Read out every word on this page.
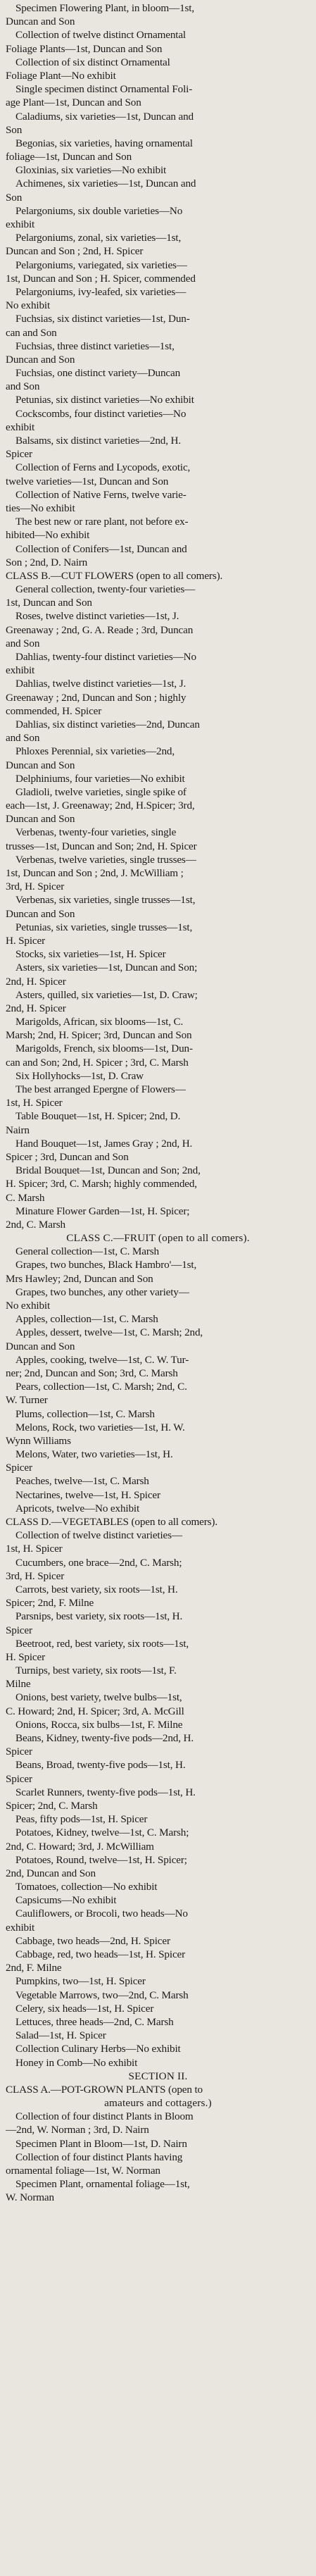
Specimen Flowering Plant, in bloom—1st,
Duncan and Son
Collection of twelve distinct Ornamental
Foliage Plants—1st, Duncan and Son
Collection of six distinct Ornamental
Foliage Plant—No exhibit
Single specimen distinct Ornamental Foli-
age Plant—1st, Duncan and Son
Caladiums, six varieties—1st, Duncan and
Son
Begonias, six varieties, having ornamental
foliage—1st, Duncan and Son
Gloxinias, six varieties—No exhibit
Achimenes, six varieties—1st, Duncan and
Son
Pelargoniums, six double varieties—No
exhibit
Pelargoniums, zonal, six varieties—1st,
Duncan and Son ; 2nd, H. Spicer
Pelargoniums, variegated, six varieties—
1st, Duncan and Son ; H. Spicer, commended
Pelargoniums, ivy-leafed, six varieties—
No exhibit
Fuchsias, six distinct varieties—1st, Dun-
can and Son
Fuchsias, three distinct varieties—1st,
Duncan and Son
Fuchsias, one distinct variety—Duncan
and Son
Petunias, six distinct varieties—No exhibit
Cockscombs, four distinct varieties—No
exhibit
Balsams, six distinct varieties—2nd, H.
Spicer
Collection of Ferns and Lycopods, exotic,
twelve varieties—1st, Duncan and Son
Collection of Native Ferns, twelve varie-
ties—No exhibit
The best new or rare plant, not before ex-
hibited—No exhibit
Collection of Conifers—1st, Duncan and
Son ; 2nd, D. Nairn
CLASS B.—CUT FLOWERS (open to all comers).
General collection, twenty-four varieties—
1st, Duncan and Son
Roses, twelve distinct varieties—1st, J.
Greenaway ; 2nd, G. A. Reade ; 3rd, Duncan
and Son
Dahlias, twenty-four distinct varieties—No
exhibit
Dahlias, twelve distinct varieties—1st, J.
Greenaway ; 2nd, Duncan and Son ; highly
commended, H. Spicer
Dahlias, six distinct varieties—2nd, Duncan
and Son
Phloxes Perennial, six varieties—2nd,
Duncan and Son
Delphiniums, four varieties—No exhibit
Gladioli, twelve varieties, single spike of
each—1st, J. Greenaway; 2nd, H.Spicer; 3rd,
Duncan and Son
Verbenas, twenty-four varieties, single
trusses—1st, Duncan and Son; 2nd, H. Spicer
Verbenas, twelve varieties, single trusses—
1st, Duncan and Son ; 2nd, J. McWilliam ;
3rd, H. Spicer
Verbenas, six varieties, single trusses—1st,
Duncan and Son
Petunias, six varieties, single trusses—1st,
H. Spicer
Stocks, six varieties—1st, H. Spicer
Asters, six varieties—1st, Duncan and Son;
2nd, H. Spicer
Asters, quilled, six varieties—1st, D. Craw;
2nd, H. Spicer
Marigolds, African, six blooms—1st, C.
Marsh; 2nd, H. Spicer; 3rd, Duncan and Son
Marigolds, French, six blooms—1st, Dun-
can and Son; 2nd, H. Spicer ; 3rd, C. Marsh
Six Hollyhocks—1st, D. Craw
The best arranged Epergne of Flowers—
1st, H. Spicer
Table Bouquet—1st, H. Spicer; 2nd, D.
Nairn
Hand Bouquet—1st, James Gray ; 2nd, H.
Spicer ; 3rd, Duncan and Son
Bridal Bouquet—1st, Duncan and Son; 2nd,
H. Spicer; 3rd, C. Marsh; highly commended,
C. Marsh
Minature Flower Garden—1st, H. Spicer;
2nd, C. Marsh
CLASS C.—FRUIT (open to all comers).
General collection—1st, C. Marsh
Grapes, two bunches, Black Hambro'—1st,
Mrs Hawley; 2nd, Duncan and Son
Grapes, two bunches, any other variety—
No exhibit
Apples, collection—1st, C. Marsh
Apples, dessert, twelve—1st, C. Marsh; 2nd,
Duncan and Son
Apples, cooking, twelve—1st, C. W. Tur-
ner; 2nd, Duncan and Son; 3rd, C. Marsh
Pears, collection—1st, C. Marsh; 2nd, C.
W. Turner
Plums, collection—1st, C. Marsh
Melons, Rock, two varieties—1st, H. W.
Wynn Williams
Melons, Water, two varieties—1st, H.
Spicer
Peaches, twelve—1st, C. Marsh
Nectarines, twelve—1st, H. Spicer
Apricots, twelve—No exhibit
CLASS D.—VEGETABLES (open to all comers).
Collection of twelve distinct varieties—
1st, H. Spicer
Cucumbers, one brace—2nd, C. Marsh;
3rd, H. Spicer
Carrots, best variety, six roots—1st, H.
Spicer; 2nd, F. Milne
Parsnips, best variety, six roots—1st, H.
Spicer
Beetroot, red, best variety, six roots—1st,
H. Spicer
Turnips, best variety, six roots—1st, F.
Milne
Onions, best variety, twelve bulbs—1st,
C. Howard; 2nd, H. Spicer; 3rd, A. McGill
Onions, Rocca, six bulbs—1st, F. Milne
Beans, Kidney, twenty-five pods—2nd, H.
Spicer
Beans, Broad, twenty-five pods—1st, H.
Spicer
Scarlet Runners, twenty-five pods—1st, H.
Spicer; 2nd, C. Marsh
Peas, fifty pods—1st, H. Spicer
Potatoes, Kidney, twelve—1st, C. Marsh;
2nd, C. Howard; 3rd, J. McWilliam
Potatoes, Round, twelve—1st, H. Spicer;
2nd, Duncan and Son
Tomatoes, collection—No exhibit
Capsicums—No exhibit
Cauliflowers, or Brocoli, two heads—No
exhibit
Cabbage, two heads—2nd, H. Spicer
Cabbage, red, two heads—1st, H. Spicer
2nd, F. Milne
Pumpkins, two—1st, H. Spicer
Vegetable Marrows, two—2nd, C. Marsh
Celery, six heads—1st, H. Spicer
Lettuces, three heads—2nd, C. Marsh
Salad—1st, H. Spicer
Collection Culinary Herbs—No exhibit
Honey in Comb—No exhibit
SECTION II.
CLASS A.—POT-GROWN PLANTS (open to
amateurs and cottagers.)
Collection of four distinct Plants in Bloom
—2nd, W. Norman ; 3rd, D. Nairn
Specimen Plant in Bloom—1st, D. Nairn
Collection of four distinct Plants having
ornamental foliage—1st, W. Norman
Specimen Plant, ornamental foliage—1st,
W. Norman
